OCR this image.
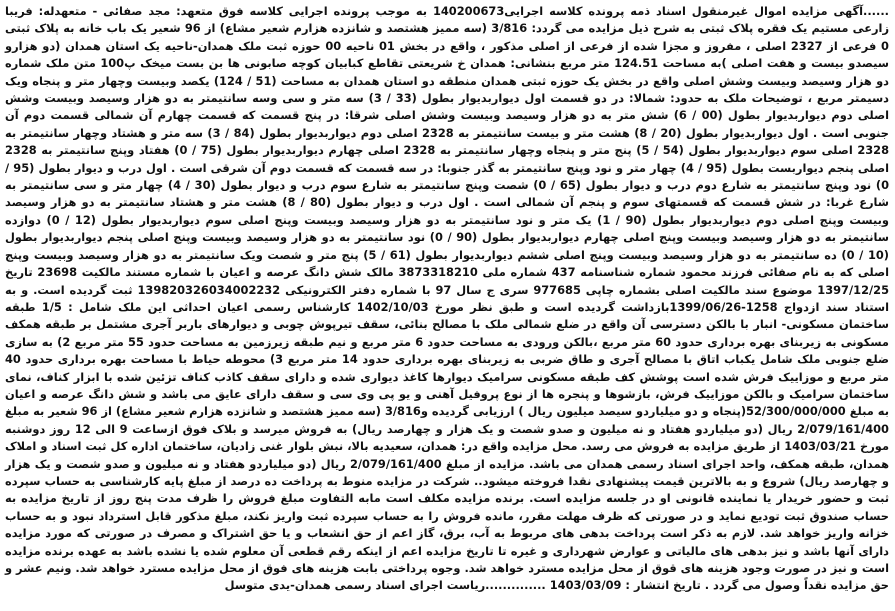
......آگهی مزایده اموال غیرمنقول اسناد ذمه پرونده کلاسه اجرایی140200673 به موجب پرونده اجرایی کلاسه فوق متعهد: مجد صفائی - متعهدله: فریبا زارعی مستیم یک فقره پلاک ثبتی به شرح ذیل مزایده می گردد: 3/816 (سه ممیز هشتصد و شانزده هزارم شعیر مشاع) از 96 شعیر یک باب خانه به پلاک ثبتی 0 فرعی از 2327 اصلی ، مفروز و مجزا شده از فرعی از اصلی مذکور ، واقع در بخش 01 ناحیه 00 حوزه ثبت ملک همدان-ناحیه یک استان همدان (دو هزارو سیصدو بیست و هفت اصلی )به مساحت 124.51 متر مربع بنشانی: همدان خ شریعتی تقاطع کبابیان کوچه صابونی ها بن بست میخک پ100 متن ملک شماره دو هزار وسیصد وبیست وشش اصلی واقع در بخش یک حوزه ثبتی همدان منطقه دو استان همدان به مساحت (51 / 124) یکصد وبیست وچهار متر و پنجاه ویک دسیمتر مربع ، توضیحات ملک به حدود: شمالا: در دو قسمت اول دیواربدیوار بطول (33 / 3) سه متر و سی وسه سانتیمتر به دو هزار وسیصد وبیست وشش اصلی دوم دیواربدیوار بطول (00 / 6) شش متر به دو هزار وسیصد وبیست وشش اصلی شرقا: در پنج قسمت که قسمت چهارم آن شمالی قسمت دوم آن جنوبی است . اول دیواربدیوار بطول (20 / 8) هشت متر و بیست سانتیمتر به 2328 اصلی دوم دیواربدیوار بطول (84 / 3) سه متر و هشتاد وچهار سانتیمتر به 2328 اصلی سوم دیواربدیوار بطول (54 / 5) پنج متر و پنجاه وچهار سانتیمتر به 2328 اصلی چهارم دیواربدیوار بطول (75 / 0) هفتاد وپنج سانتیمتر به 2328 اصلی پنجم دیواربست بطول (95 / 4) چهار متر و نود وپنج سانتیمتر به گذر جنوبا: در سه قسمت که قسمت دوم آن شرقی است . اول درب و دیوار بطول (95 / 0) نود وپنج سانتیمتر به شارع دوم درب و دیوار بطول (65 / 0) شصت وپنج سانتیمتر به شارع سوم درب و دیوار بطول (30 / 4) چهار متر و سی سانتیمتر به شارع غربا: در شش قسمت که قسمتهای سوم و پنجم آن شمالی است . اول درب و دیوار بطول (80 / 8) هشت متر و هشتاد سانتیمتر به دو هزار وسیصد وبیست وپنج اصلی دوم دیواربدیوار بطول (90 / 1) یک متر و نود سانتیمتر به دو هزار وسیصد وبیست وپنج اصلی سوم دیواربدیوار بطول (12 / 0) دوازده سانتیمتر به دو هزار وسیصد وبیست وپنج اصلی چهارم دیواربدیوار بطول (90 / 0) نود سانتیمتر به دو هزار وسیصد وبیست وپنج اصلی پنجم دیواربدیوار بطول (10 / 0) ده سانتیمتر به دو هزار وسیصد وبیست وپنج اصلی ششم دیواربدیوار بطول (61 / 5) پنج متر و شصت ویک سانتیمتر به دو هزار وسیصد وبیست وپنج اصلی که به نام صفائی فرزند محمود شماره شناسنامه 437 شماره ملی 3873318210 مالک شش دانگ عرصه و اعیان با شماره مستند مالکیت 23698 تاریخ 1397/12/25 موضوع سند مالکیت اصلی بشماره چاپی 977685 سری ج سال 97 با شماره دفتر الکترونیکی 139820326034002232 ثبت گردیده است. و به استناد سند ازدواج 1258-1399/06/26بازداشت گردیده است و طبق نظر مورخ 1402/10/03 کارشناس رسمی اعیان احداثی این ملک شامل : 1/5 طبقه ساختمان مسکونی- انبار با بالکن دسترسی آن واقع در ضلع شمالی ملک با مصالح بنائی، سقف تیرپوش چوبی و دیوارهای باربر آجری مشتمل بر طبقه همکف مسکونی به زیربنای بهره برداری حدود 60 متر مربع ،بالکن ورودی به مساحت حدود 6 متر مربع و نیم طبقه زیرزمین به مساحت حدود 55 متر مربع 2) به سازی ضلع جنوبی ملک شامل یکباب اتاق با مصالح آجری و طاق ضربی به زیربنای بهره برداری حدود 14 متر مربع 3) محوطه حیاط با مساحت بهره برداری حدود 40 متر مربع و موزاییک فرش شده است پوشش کف طبقه مسکونی سرامیک دیوارها کاغذ دیواری شده و دارای سقف کاذب کناف تزئین شده با ابزار کناف، نمای ساختمان سرامیک و بالکن موزاییک فرش، بازشوها و پنجره ها از نوع پروفیل آهنی و یو پی وی سی و سقف دارای عایق می باشد و شش دانگ عرصه و اعیان به مبلغ 52/300/000/000(پنجاه و دو میلیاردو سیصد میلیون ریال ) ارزیابی گردیده و3/816 (سه ممیز هشتصد و شانزده هزارم شعیر مشاع) از 96 شعیر به مبلغ 2/079/161/400 ریال (دو میلیاردو هفتاد و نه میلیون و صدو شصت و یک هزار و چهارصد ریال) به فروش میرسد و بلاک فوق ازساعت 9 الی 12 روز دوشنبه مورخ 1403/03/21 از طریق مزایده به فروش می رسد. محل مزایده واقع در: همدان، سعیدیه بالا، نبش بلوار غنی زادیان، ساختمان اداره کل ثبت اسناد و املاک همدان، طبقه همکف، واحد اجرای اسناد رسمی همدان می باشد. مزایده از مبلغ 2/079/161/400 ریال (دو میلیاردو هفتاد و نه میلیون و صدو شصت و یک هزار و چهارصد ریال) شروع و به بالاترین قیمت پیشنهادی نقدا فروخته میشود.. شرکت در مزایده منوط به پرداخت ده درصد از مبلغ پایه کارشناسی به حساب سپرده ثبت و حضور خریدار یا نماینده قانونی او در جلسه مزایده است. برنده مزایده مکلف است مابه التفاوت مبلغ فروش را ظرف مدت پنج روز از تاریخ مزایده به حساب صندوق ثبت تودیع نماید و در صورتی که ظرف مهلت مقرر، مانده فروش را به حساب سپرده ثبت واریز نکند، مبلغ مذکور قابل استرداد نبود و به حساب خزانه واریز خواهد شد. لازم به ذکر است پرداخت بدهی های مربوط به آب، برق، گاز اعم از حق انشعاب و یا حق اشتراک و مصرف در صورتی که مورد مزایده دارای آنها باشد و نیز بدهی های مالیاتی و عوارض شهرداری و غیره تا تاریخ مزایده اعم از اینکه رقم قطعی آن معلوم شده یا نشده باشد به عهده برنده مزایده است و نیز در صورت وجود هزینه های قوق از محل مزایده مسترد خواهد شد. وجوه پرداختی بابت هزینه های فوق از محل مزایده مسترد خواهد شد. ونیم عشر و حق مزایده نقداً وصول می گردد . تاریخ انتشار : 1403/03/09 ..............ریاست اجرای اسناد رسمی همدان-یدی متوسل
